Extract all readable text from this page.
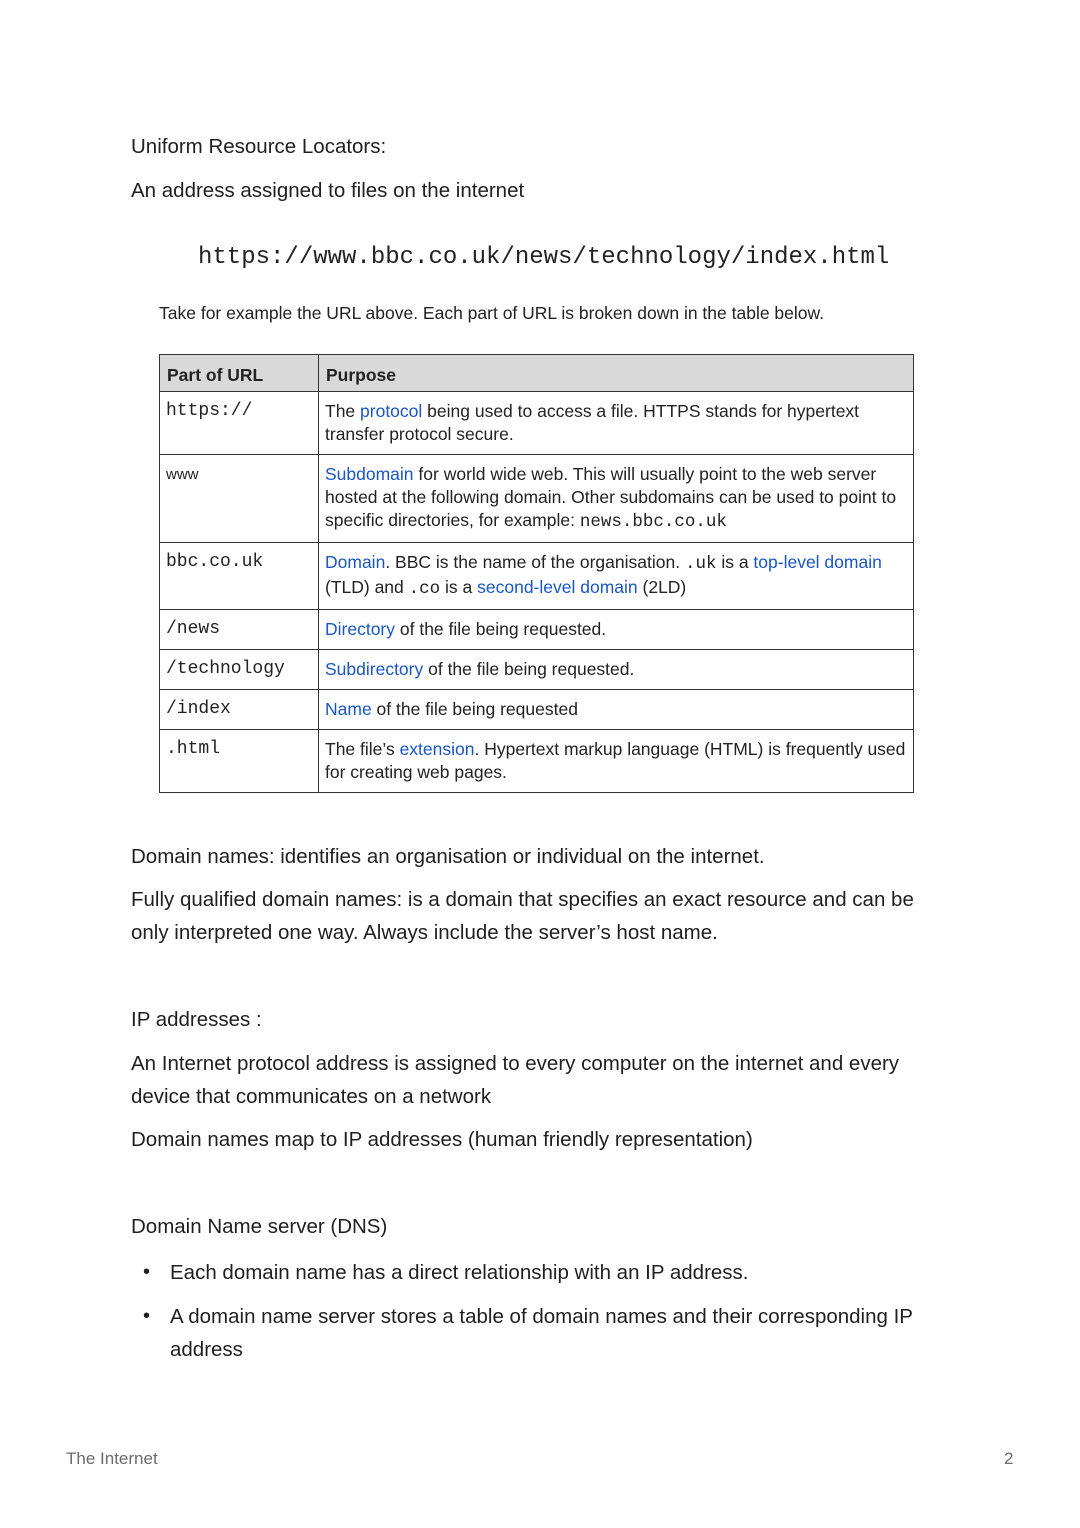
Uniform Resource Locators:

An address assigned to files on the internet

https://www.bbc.co.uk/news/technology/index.html
Take for example the URL above. Each part of URL is broken down in the table below.
Part of URL	Purpose
https://	The protocol being used to access a file. HTTPS stands for hypertext transfer protocol secure.
www	Subdomain for world wide web. This will usually point to the web server hosted at the following domain. Other subdomains can be used to point to specific directories, for example: news.bbc.co.uk
bbc.co.uk	Domain. BBC is the name of the organisation. .uk is a top-level domain (TLD) and .co is a second-level domain (2LD)
/news	Directory of the file being requested.
/technology	Subdirectory of the file being requested.
/index	Name of the file being requested
.html	The file’s extension. Hypertext markup language (HTML) is frequently used for creating web pages.

Domain names: identifies an organisation or individual on the internet.

Fully qualified domain names: is a domain that specifies an exact resource and can be only interpreted one way. Always include the server’s host name.

IP addresses :

An Internet protocol address is assigned to every computer on the internet and every device that communicates on a network

Domain names map to IP addresses (human friendly representation)

Domain Name server (DNS)

• Each domain name has a direct relationship with an IP address.
• A domain name server stores a table of domain names and their corresponding IP address
The Internet	2
